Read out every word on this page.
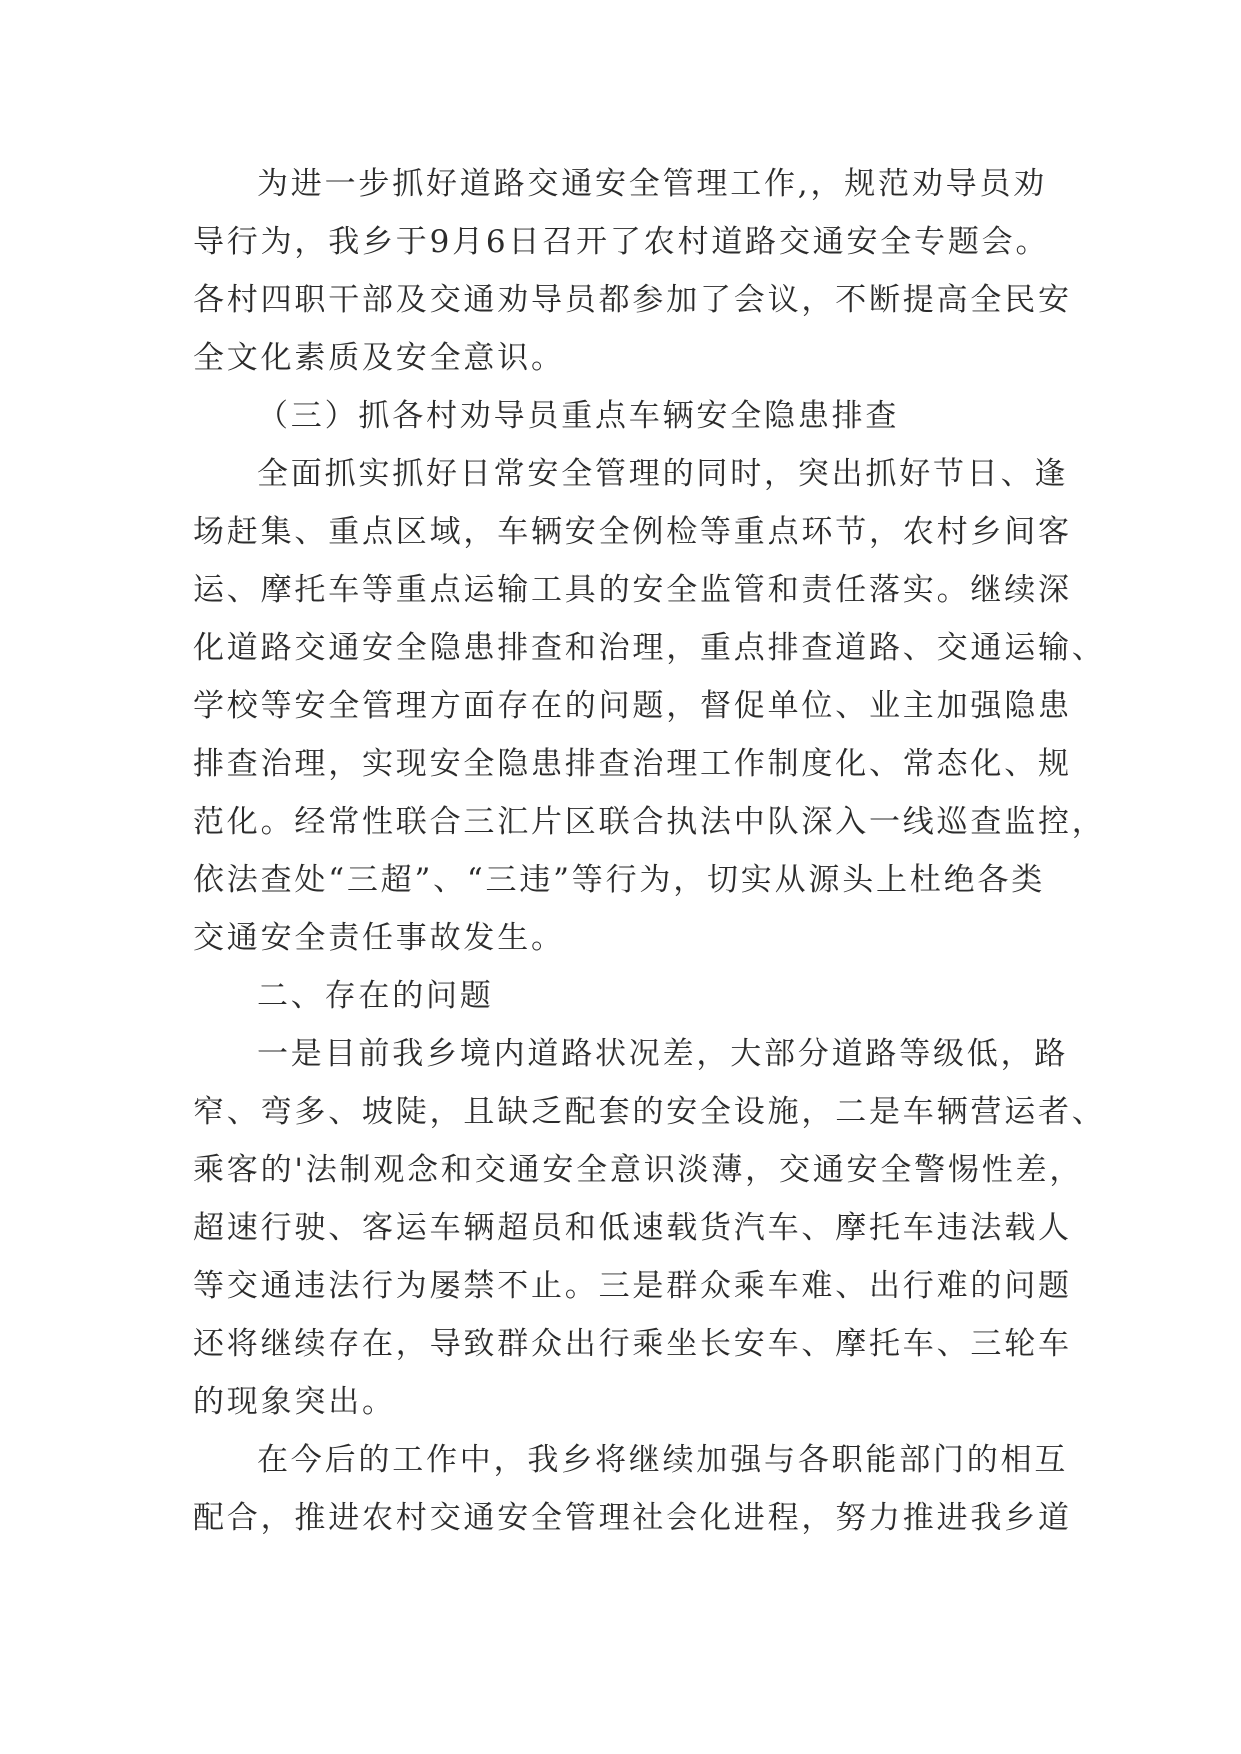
为进一步抓好道路交通安全管理工作,，规范劝导员劝
导行为，我乡于9月6日召开了农村道路交通安全专题会。
各村四职干部及交通劝导员都参加了会议，不断提高全民安
全文化素质及安全意识。
（三）抓各村劝导员重点车辆安全隐患排查
全面抓实抓好日常安全管理的同时，突出抓好节日、逢
场赶集、重点区域，车辆安全例检等重点环节，农村乡间客
运、摩托车等重点运输工具的安全监管和责任落实。继续深
化道路交通安全隐患排查和治理，重点排查道路、交通运输、
学校等安全管理方面存在的问题，督促单位、业主加强隐患
排查治理，实现安全隐患排查治理工作制度化、常态化、规
范化。经常性联合三汇片区联合执法中队深入一线巡查监控，
依法查处“三超”、“三违”等行为，切实从源头上杜绝各类
交通安全责任事故发生。
二、存在的问题
一是目前我乡境内道路状况差，大部分道路等级低，路
窄、弯多、坡陡，且缺乏配套的安全设施，二是车辆营运者、
乘客的'法制观念和交通安全意识淡薄，交通安全警惕性差，
超速行驶、客运车辆超员和低速载货汽车、摩托车违法载人
等交通违法行为屡禁不止。三是群众乘车难、出行难的问题
还将继续存在，导致群众出行乘坐长安车、摩托车、三轮车
的现象突出。
在今后的工作中，我乡将继续加强与各职能部门的相互
配合，推进农村交通安全管理社会化进程，努力推进我乡道
